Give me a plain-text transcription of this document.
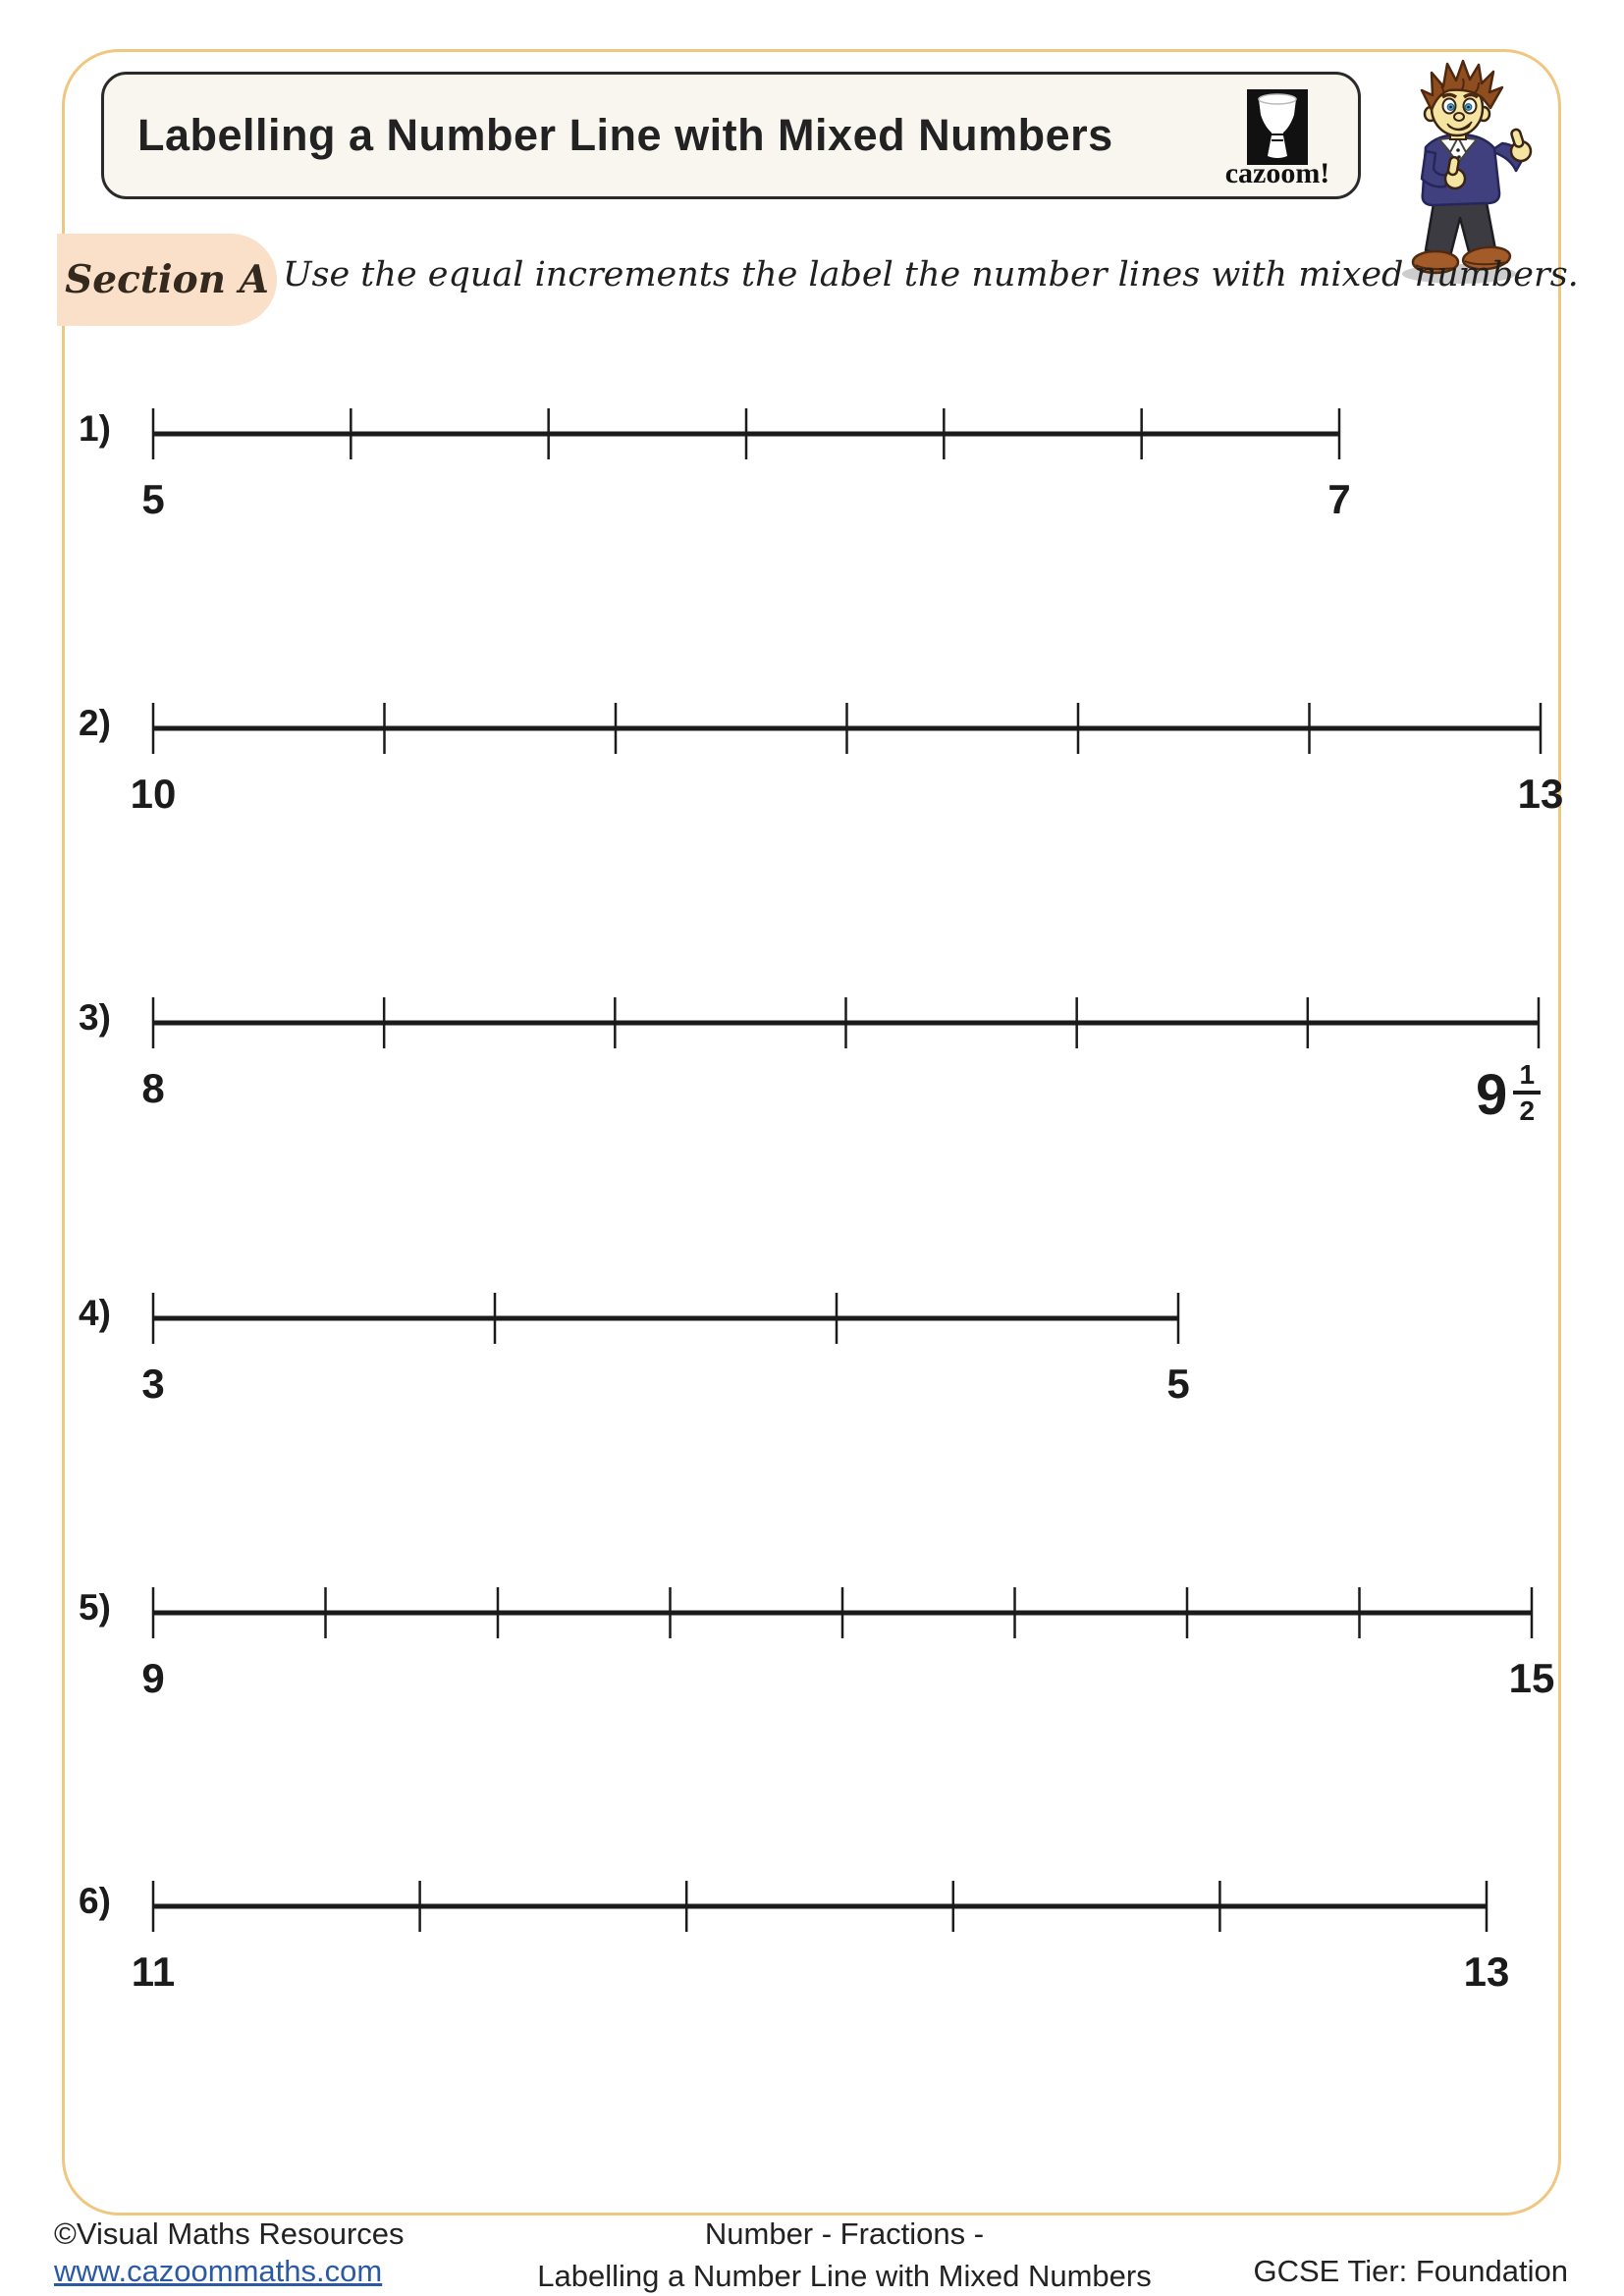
Labelling a Number Line with Mixed Numbers
cazoom!
Section A Use the equal increments the label the number lines with mixed numbers.
1)
5	7
2)
10	13
3)
8	$9 \frac{1}{2}$
4)
3	5
5)
9	15
6)
11	13
©Visual Maths Resources
www.cazoommaths.com
Number - Fractions -
Labelling a Number Line with Mixed Numbers	GCSE Tier: Foundation
